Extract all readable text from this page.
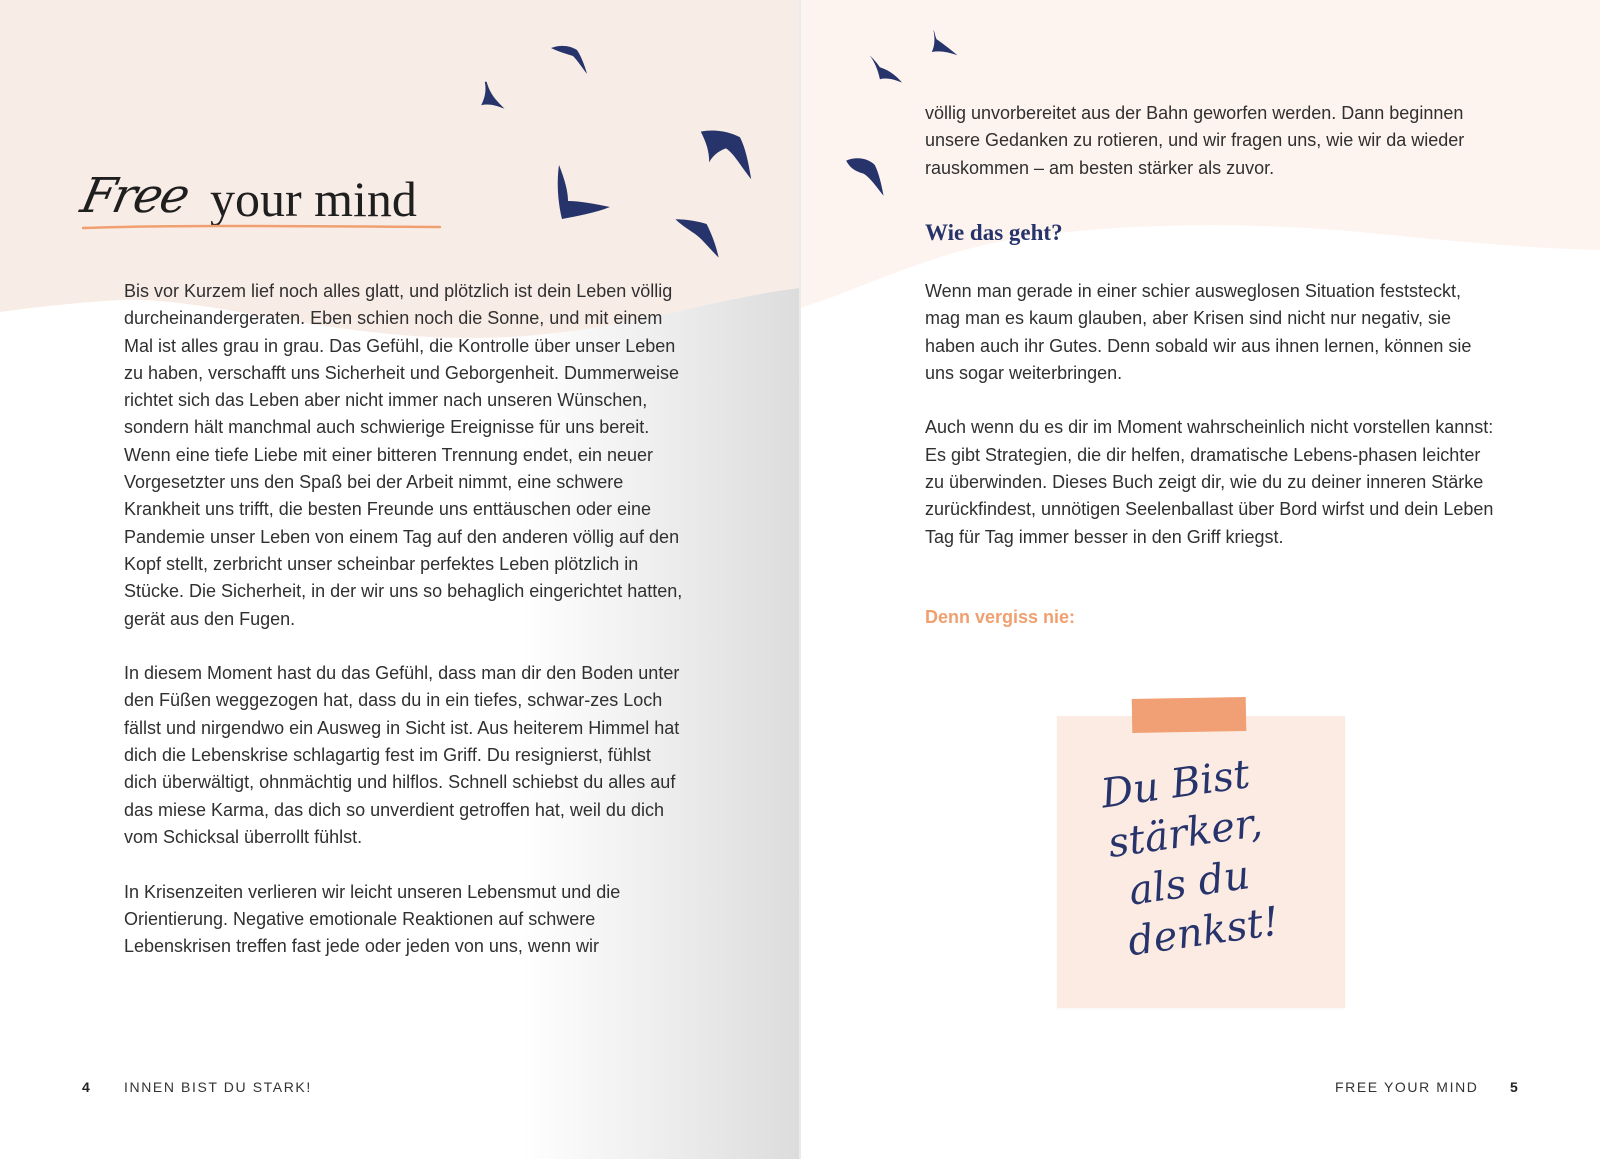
Free your mind

Bis vor Kurzem lief noch alles glatt, und plötzlich ist dein Leben völlig durcheinandergeraten. Eben schien noch die Sonne, und mit einem Mal ist alles grau in grau. Das Gefühl, die Kontrolle über unser Leben zu haben, verschafft uns Sicherheit und Geborgenheit. Dummerweise richtet sich das Leben aber nicht immer nach unseren Wünschen, sondern hält manchmal auch schwierige Ereignisse für uns bereit. Wenn eine tiefe Liebe mit einer bitteren Trennung endet, ein neuer Vorgesetzter uns den Spaß bei der Arbeit nimmt, eine schwere Krankheit uns trifft, die besten Freunde uns enttäuschen oder eine Pandemie unser Leben von einem Tag auf den anderen völlig auf den Kopf stellt, zerbricht unser scheinbar perfektes Leben plötzlich in Stücke. Die Sicherheit, in der wir uns so behaglich eingerichtet hatten, gerät aus den Fugen.

In diesem Moment hast du das Gefühl, dass man dir den Boden unter den Füßen weggezogen hat, dass du in ein tiefes, schwar-zes Loch fällst und nirgendwo ein Ausweg in Sicht ist. Aus heiterem Himmel hat dich die Lebenskrise schlagartig fest im Griff. Du resignierst, fühlst dich überwältigt, ohnmächtig und hilflos. Schnell schiebst du alles auf das miese Karma, das dich so unverdient getroffen hat, weil du dich vom Schicksal überrollt fühlst.

In Krisenzeiten verlieren wir leicht unseren Lebensmut und die Orientierung. Negative emotionale Reaktionen auf schwere Lebenskrisen treffen fast jede oder jeden von uns, wenn wir

völlig unvorbereitet aus der Bahn geworfen werden. Dann beginnen unsere Gedanken zu rotieren, und wir fragen uns, wie wir da wieder rauskommen – am besten stärker als zuvor.

Wie das geht?

Wenn man gerade in einer schier ausweglosen Situation feststeckt, mag man es kaum glauben, aber Krisen sind nicht nur negativ, sie haben auch ihr Gutes. Denn sobald wir aus ihnen lernen, können sie uns sogar weiterbringen.

Auch wenn du es dir im Moment wahrscheinlich nicht vorstellen kannst: Es gibt Strategien, die dir helfen, dramatische Lebens-phasen leichter zu überwinden. Dieses Buch zeigt dir, wie du zu deiner inneren Stärke zurückfindest, unnötigen Seelenballast über Bord wirfst und dein Leben Tag für Tag immer besser in den Griff kriegst.

Denn vergiss nie:
Du Bist
stärker,
als du
denkst!
4 INNEN BIST DU STARK!	FREE YOUR MIND 5
